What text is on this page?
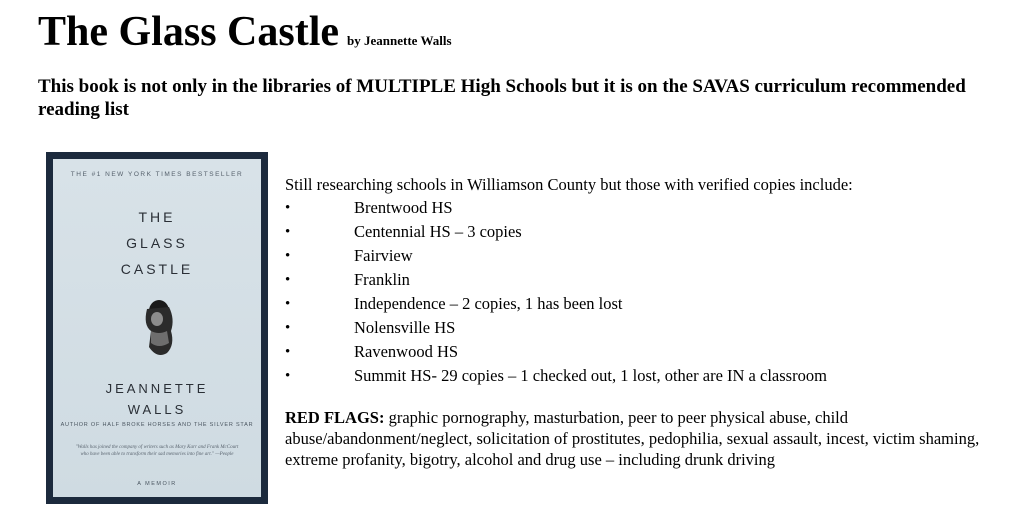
The Glass Castle by Jeannette Walls
This book is not only in the libraries of MULTIPLE High Schools but it is on the SAVAS curriculum recommended reading list
THE #1 NEW YORK TIMES BESTSELLER
THE
GLASS
CASTLE
JEANNETTE
WALLS
AUTHOR OF HALF BROKE HORSES AND THE SILVER STAR
"Walls has joined the company of writers such as Mary Karr and Frank McCourt who have been able to transform their sad memories into fine art." —People
A MEMOIR
Still researching schools in Williamson County but those with verified copies include:
•	Brentwood HS
•	Centennial HS – 3 copies
•	Fairview
•	Franklin
•	Independence – 2 copies, 1 has been lost
•	Nolensville HS
•	Ravenwood HS
•	Summit HS- 29 copies – 1 checked out, 1 lost, other are IN a classroom
RED FLAGS: graphic pornography, masturbation, peer to peer physical abuse, child abuse/abandonment/neglect, solicitation of prostitutes, pedophilia, sexual assault, incest, victim shaming, extreme profanity, bigotry, alcohol and drug use – including drunk driving
